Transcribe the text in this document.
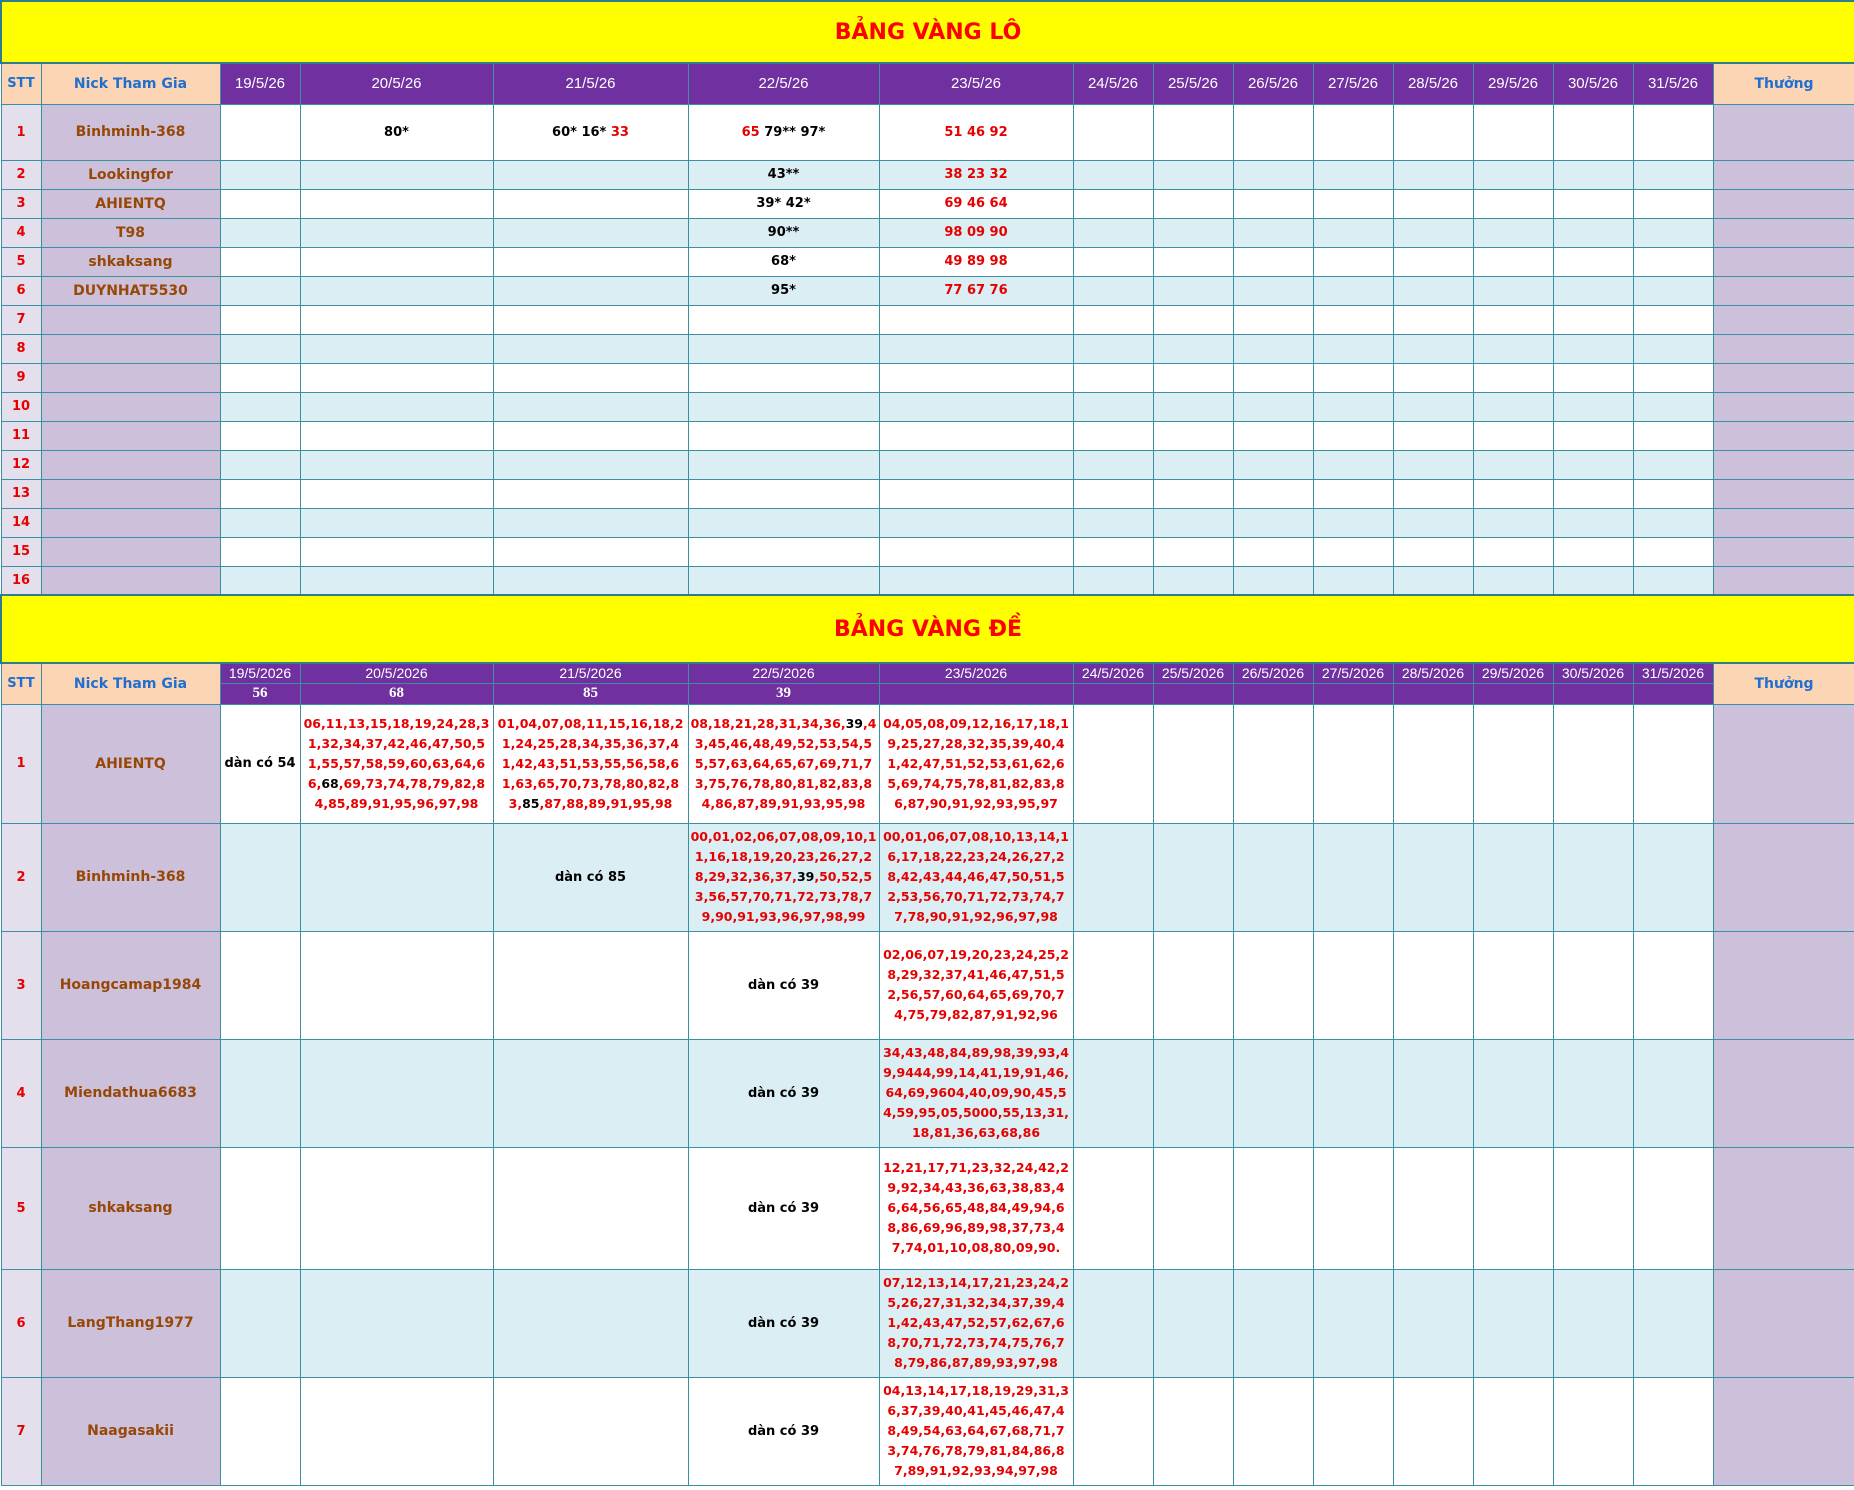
BẢNG VÀNG LÔ															
STT	Nick Tham Gia	19/5/26	20/5/26	21/5/26	22/5/26	23/5/26	24/5/26	25/5/26	26/5/26	27/5/26	28/5/26	29/5/26	30/5/26	31/5/26	Thưởng
1	Binhminh-368		80*	60* 16* 33	65 79** 97*	51 46 92									

2	Lookingfor				43**	38 23 32									

3	AHIENTQ				39* 42*	69 46 64									

4	T98				90**	98 09 90									

5	shkaksang				68*	49 89 98									

6	DUYNHAT5530				95*	77 67 76									

7															
8															
9															
10															
11															
12															
13															
14															
15															
16															
BẢNG VÀNG ĐỀ															
STT	Nick Tham Gia	19/5/2026	20/5/2026	21/5/2026	22/5/2026	23/5/2026	24/5/2026	25/5/2026	26/5/2026	27/5/2026	28/5/2026	29/5/2026	30/5/2026	31/5/2026	Thưởng
		56	68	85	39										
1	AHIENTQ	dàn có 54	06,11,13,15,18,19,24,28,31,32,34,37,42,46,47,50,51,55,57,58,59,60,63,64,66,68,69,73,74,78,79,82,84,85,89,91,95,96,97,98	01,04,07,08,11,15,16,18,21,24,25,28,34,35,36,37,41,42,43,51,53,55,56,58,61,63,65,70,73,78,80,82,83,85,87,88,89,91,95,98	08,18,21,28,31,34,36,39,43,45,46,48,49,52,53,54,55,57,63,64,65,67,69,71,73,75,76,78,80,81,82,83,84,86,87,89,91,93,95,98	04,05,08,09,12,16,17,18,19,25,27,28,32,35,39,40,41,42,47,51,52,53,61,62,65,69,74,75,78,81,82,83,86,87,90,91,92,93,95,97									

2	Binhminh-368			dàn có 85	00,01,02,06,07,08,09,10,11,16,18,19,20,23,26,27,28,29,32,36,37,39,50,52,53,56,57,70,71,72,73,78,79,90,91,93,96,97,98,99	00,01,06,07,08,10,13,14,16,17,18,22,23,24,26,27,28,42,43,44,46,47,50,51,52,53,56,70,71,72,73,74,77,78,90,91,92,96,97,98									

3	Hoangcamap1984				dàn có 39	02,06,07,19,20,23,24,25,28,29,32,37,41,46,47,51,52,56,57,60,64,65,69,70,74,75,79,82,87,91,92,96									

4	Miendathua6683				dàn có 39	34,43,48,84,89,98,39,93,49,9444,99,14,41,19,91,46,64,69,9604,40,09,90,45,54,59,95,05,5000,55,13,31,18,81,36,63,68,86									

5	shkaksang				dàn có 39	12,21,17,71,23,32,24,42,29,92,34,43,36,63,38,83,46,64,56,65,48,84,49,94,68,86,69,96,89,98,37,73,47,74,01,10,08,80,09,90.									

6	LangThang1977				dàn có 39	07,12,13,14,17,21,23,24,25,26,27,31,32,34,37,39,41,42,43,47,52,57,62,67,68,70,71,72,73,74,75,76,78,79,86,87,89,93,97,98									

7	Naagasakii				dàn có 39	04,13,14,17,18,19,29,31,36,37,39,40,41,45,46,47,48,49,54,63,64,67,68,71,73,74,76,78,79,81,84,86,87,89,91,92,93,94,97,98									
